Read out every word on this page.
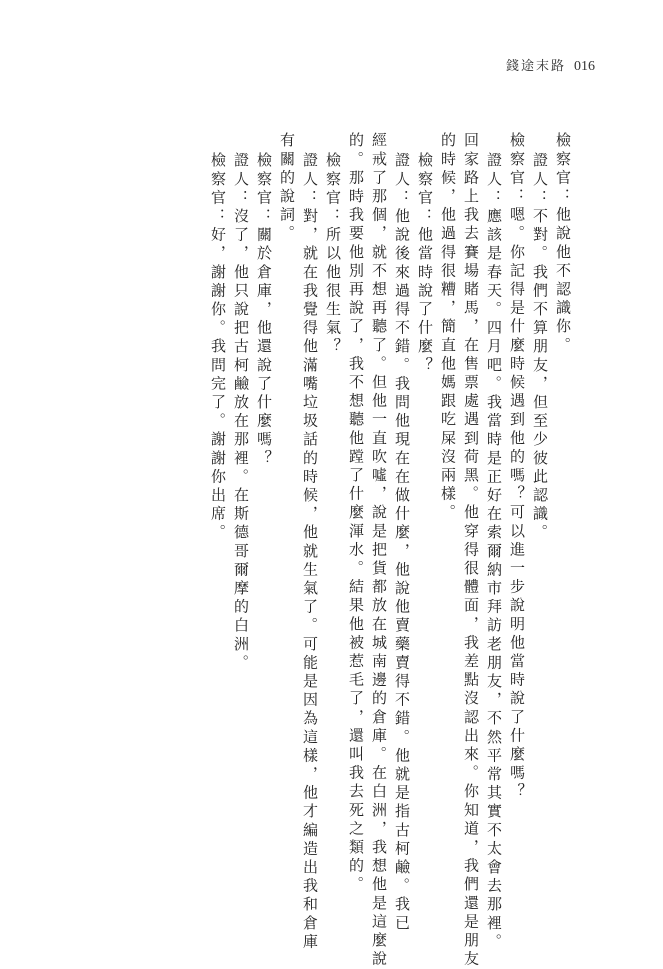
錢途末路 016
檢察官：他說他不認識你。
證人：不對。我們不算朋友，但至少彼此認識。
檢察官：嗯。你記得是什麼時候遇到他的嗎？可以進一步說明他當時說了什麼嗎？
證人：應該是春天。四月吧。我當時是正好在索爾納市拜訪老朋友，不然平常其實不太會去那裡。
回家路上我去賽場賭馬，在售票處遇到荷黑。他穿得很體面，我差點沒認出來。你知道，我們還是朋友
的時候，他過得很糟，簡直他媽跟吃屎沒兩樣。
檢察官：他當時說了什麼？
證人：他說後來過得不錯。我問他現在在做什麼，他說他賣藥賣得不錯。他就是指古柯鹼。我已
經戒了那個，就不想再聽了。但他一直吹噓，說是把貨都放在城南邊的倉庫。在白洲，我想他是這麼說
的。那時我要他別再說了，我不想聽他蹚了什麼渾水。結果他被惹毛了，還叫我去死之類的。
檢察官：所以他很生氣？
證人：對，就在我覺得他滿嘴垃圾話的時候，他就生氣了。可能是因為這樣，他才編造出我和倉庫
有關的說詞。
檢察官：關於倉庫，他還說了什麼嗎？
證人：沒了，他只說把古柯鹼放在那裡。在斯德哥爾摩的白洲。
檢察官：好，謝謝你。我問完了。謝謝你出席。
